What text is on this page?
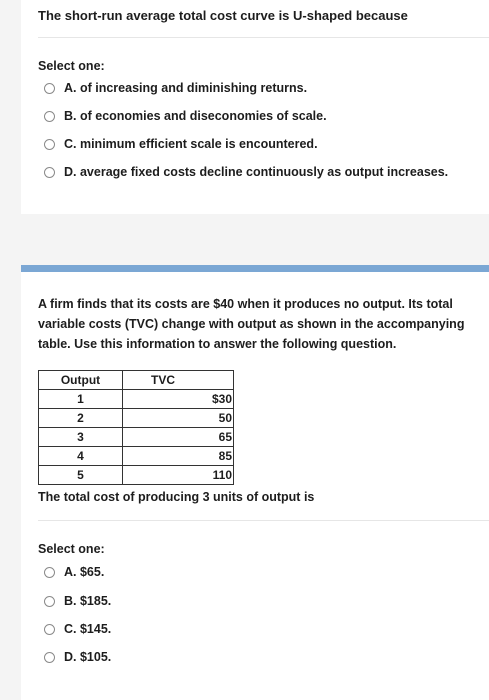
The short-run average total cost curve is U-shaped because
Select one:
A. of increasing and diminishing returns.
B. of economies and diseconomies of scale.
C. minimum efficient scale is encountered.
D. average fixed costs decline continuously as output increases.
A firm finds that its costs are $40 when it produces no output. Its total variable costs (TVC) change with output as shown in the accompanying table. Use this information to answer the following question.
Output	TVC
1	$30
2	50
3	65
4	85
5	110
The total cost of producing 3 units of output is
Select one:
A. $65.
B. $185.
C. $145.
D. $105.
